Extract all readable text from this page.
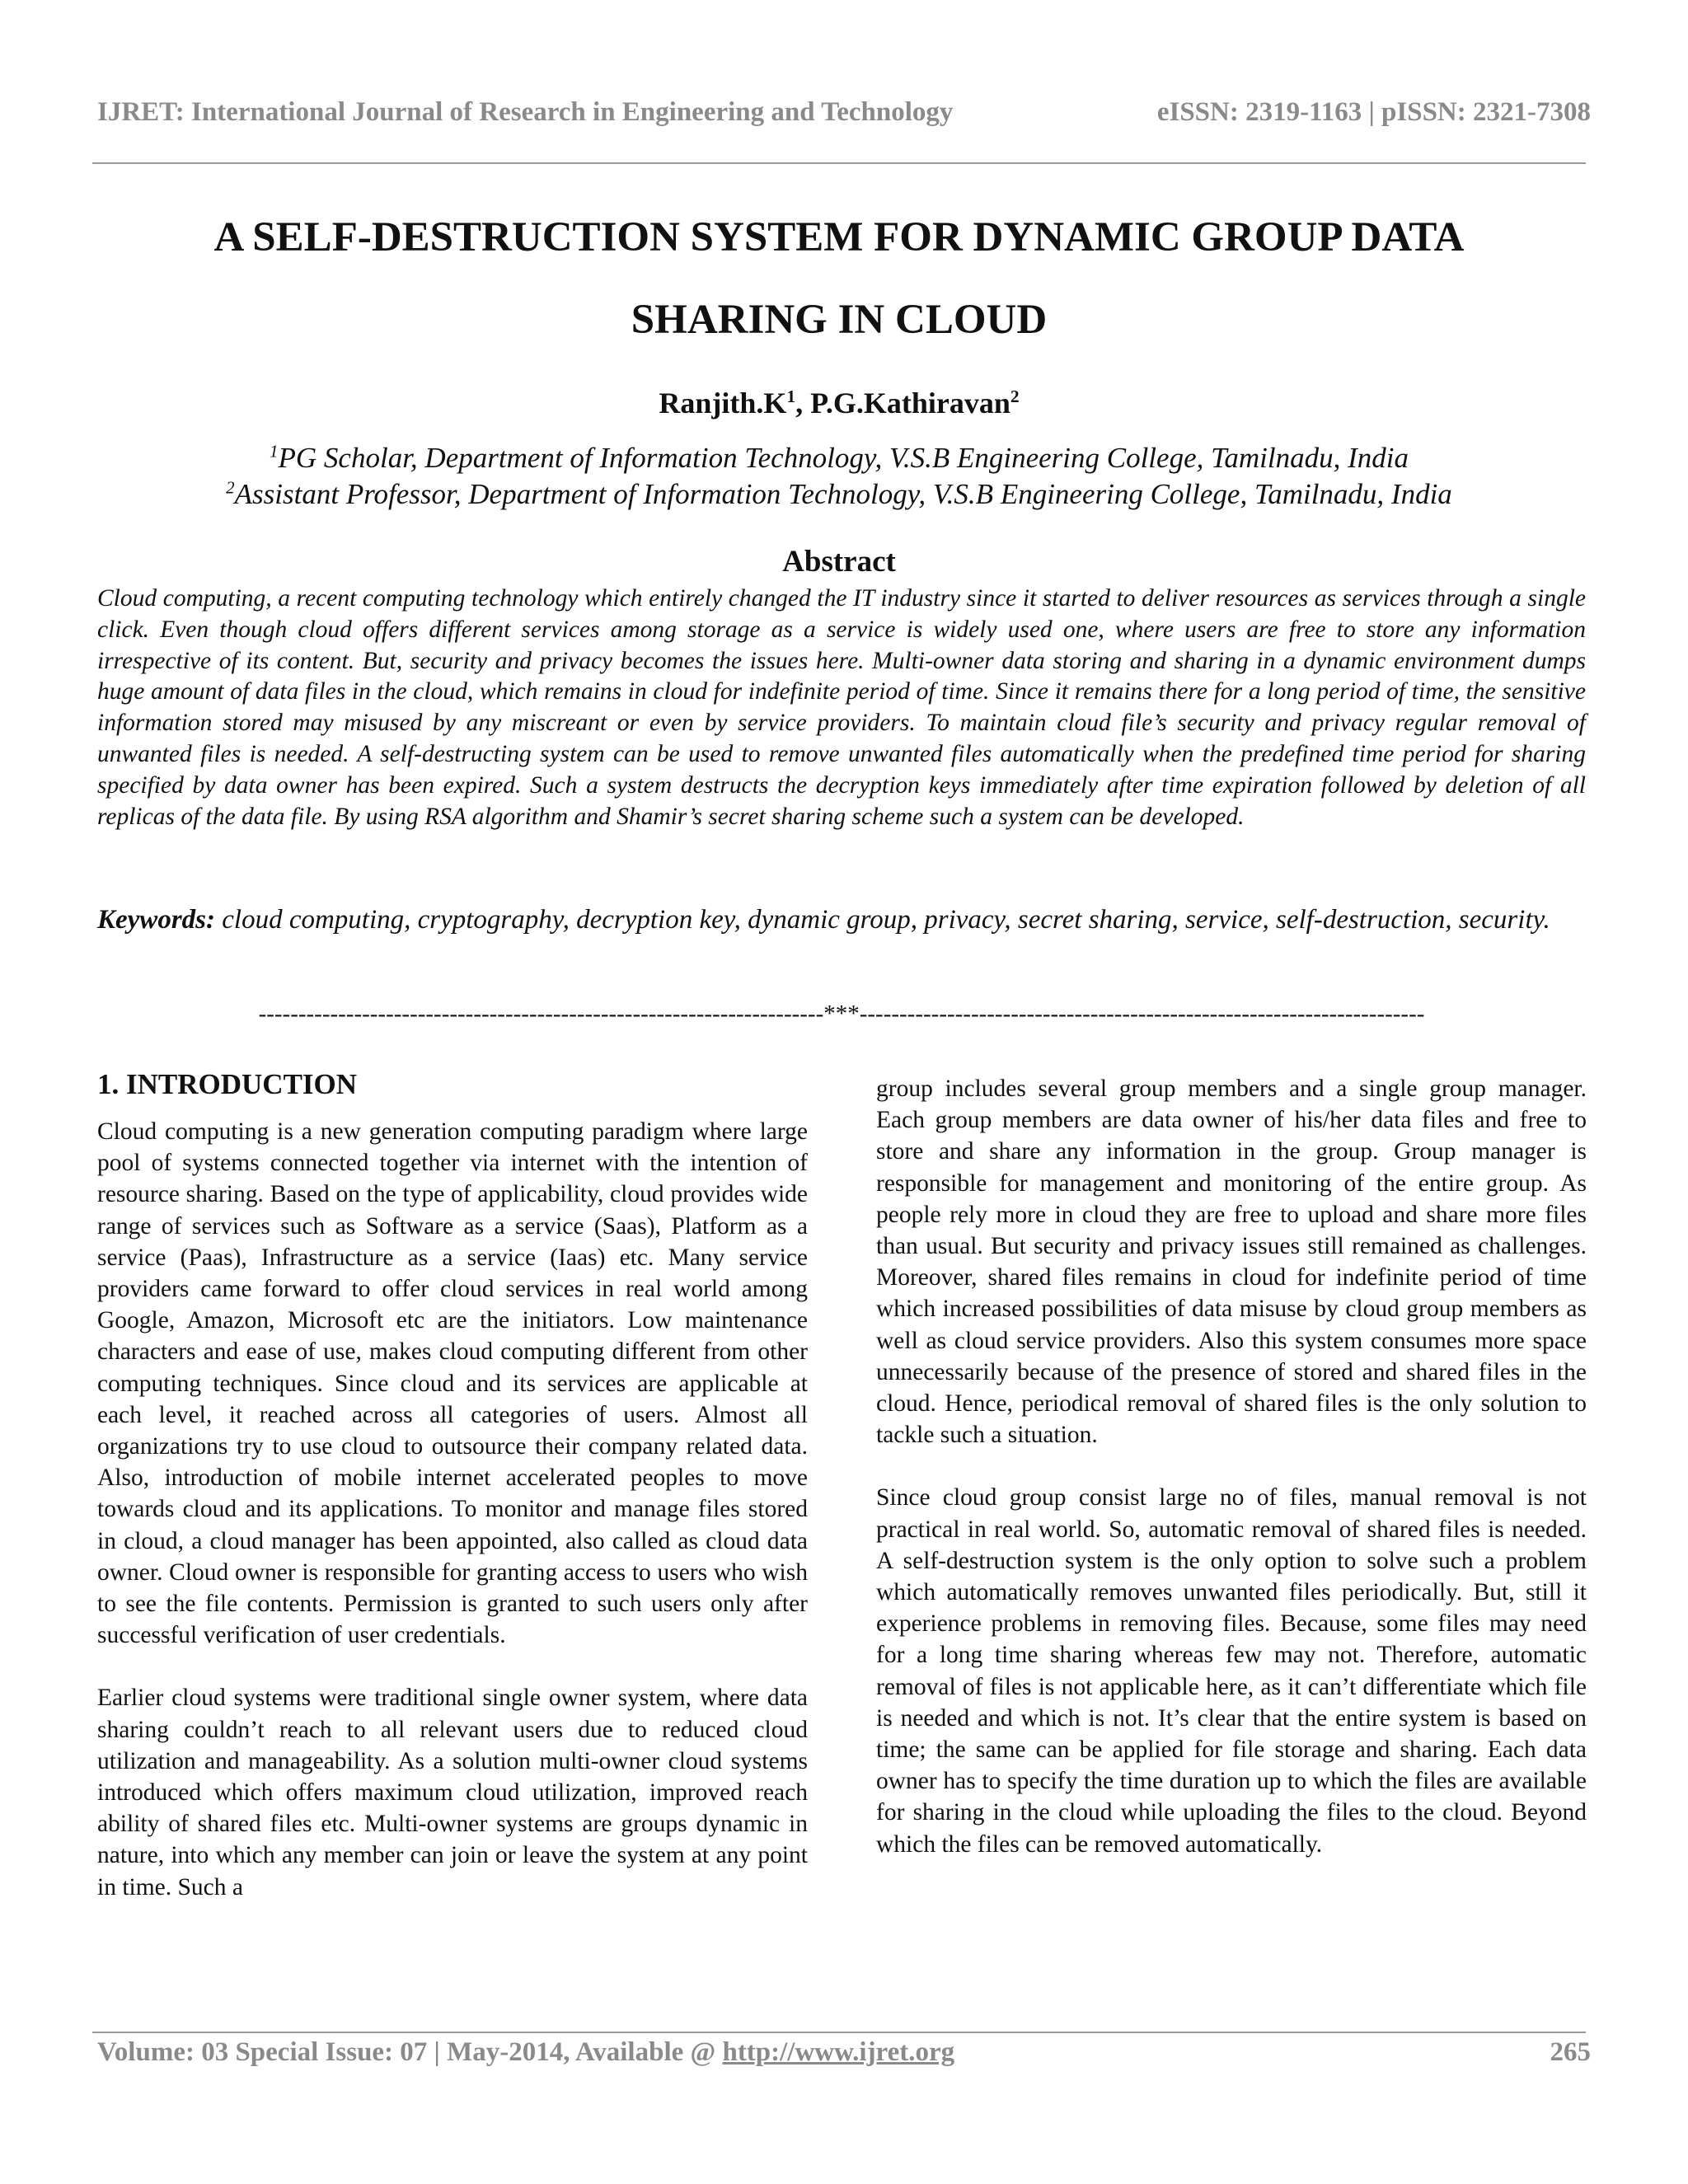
IJRET: International Journal of Research in Engineering and Technology	eISSN: 2319-1163 | pISSN: 2321-7308
A SELF-DESTRUCTION SYSTEM FOR DYNAMIC GROUP DATA
SHARING IN CLOUD

$Ranjith.K^1$, P.G.Kathiravan$^2$

$^1$PG Scholar, Department of Information Technology, V.S.B Engineering College, Tamilnadu, India

$^2$Assistant Professor, Department of Information Technology, V.S.B Engineering College, Tamilnadu, India

Abstract

Cloud computing, a recent computing technology which entirely changed the IT industry since it started to deliver resources as services through a single click. Even though cloud offers different services among storage as a service is widely used one, where users are free to store any information irrespective of its content. But, security and privacy becomes the issues here. Multi-owner data storing and sharing in a dynamic environment dumps huge amount of data files in the cloud, which remains in cloud for indefinite period of time. Since it remains there for a long period of time, the sensitive information stored may misused by any miscreant or even by service providers. To maintain cloud file’s security and privacy regular removal of unwanted files is needed. A self-destructing system can be used to remove unwanted files automatically when the predefined time period for sharing specified by data owner has been expired. Such a system destructs the decryption keys immediately after time expiration followed by deletion of all replicas of the data file. By using RSA algorithm and Shamir’s secret sharing scheme such a system can be developed.

Keywords: cloud computing, cryptography, decryption key, dynamic group, privacy, secret sharing, service, self-destruction, security.

-----------------------------------------------------------------------***-----------------------------------------------------------------------

1. INTRODUCTION

Cloud computing is a new generation computing paradigm where large pool of systems connected together via internet with the intention of resource sharing. Based on the type of applicability, cloud provides wide range of services such as Software as a service (Saas), Platform as a service (Paas), Infrastructure as a service (Iaas) etc. Many service providers came forward to offer cloud services in real world among Google, Amazon, Microsoft etc are the initiators. Low maintenance characters and ease of use, makes cloud computing different from other computing techniques. Since cloud and its services are applicable at each level, it reached across all categories of users. Almost all organizations try to use cloud to outsource their company related data. Also, introduction of mobile internet accelerated peoples to move towards cloud and its applications. To monitor and manage files stored in cloud, a cloud manager has been appointed, also called as cloud data owner. Cloud owner is responsible for granting access to users who wish to see the file contents. Permission is granted to such users only after successful verification of user credentials.

Earlier cloud systems were traditional single owner system, where data sharing couldn’t reach to all relevant users due to reduced cloud utilization and manageability. As a solution multi-owner cloud systems introduced which offers maximum cloud utilization, improved reach ability of shared files etc. Multi-owner systems are groups dynamic in nature, into which any member can join or leave the system at any point in time. Such a

group includes several group members and a single group manager. Each group members are data owner of his/her data files and free to store and share any information in the group. Group manager is responsible for management and monitoring of the entire group. As people rely more in cloud they are free to upload and share more files than usual. But security and privacy issues still remained as challenges. Moreover, shared files remains in cloud for indefinite period of time which increased possibilities of data misuse by cloud group members as well as cloud service providers. Also this system consumes more space unnecessarily because of the presence of stored and shared files in the cloud. Hence, periodical removal of shared files is the only solution to tackle such a situation.

Since cloud group consist large no of files, manual removal is not practical in real world. So, automatic removal of shared files is needed. A self-destruction system is the only option to solve such a problem which automatically removes unwanted files periodically. But, still it experience problems in removing files. Because, some files may need for a long time sharing whereas few may not. Therefore, automatic removal of files is not applicable here, as it can’t differentiate which file is needed and which is not. It’s clear that the entire system is based on time; the same can be applied for file storage and sharing. Each data owner has to specify the time duration up to which the files are available for sharing in the cloud while uploading the files to the cloud. Beyond which the files can be removed automatically.

Volume: 03 Special Issue: 07 | May-2014, Available @ http://www.ijret.org	265
